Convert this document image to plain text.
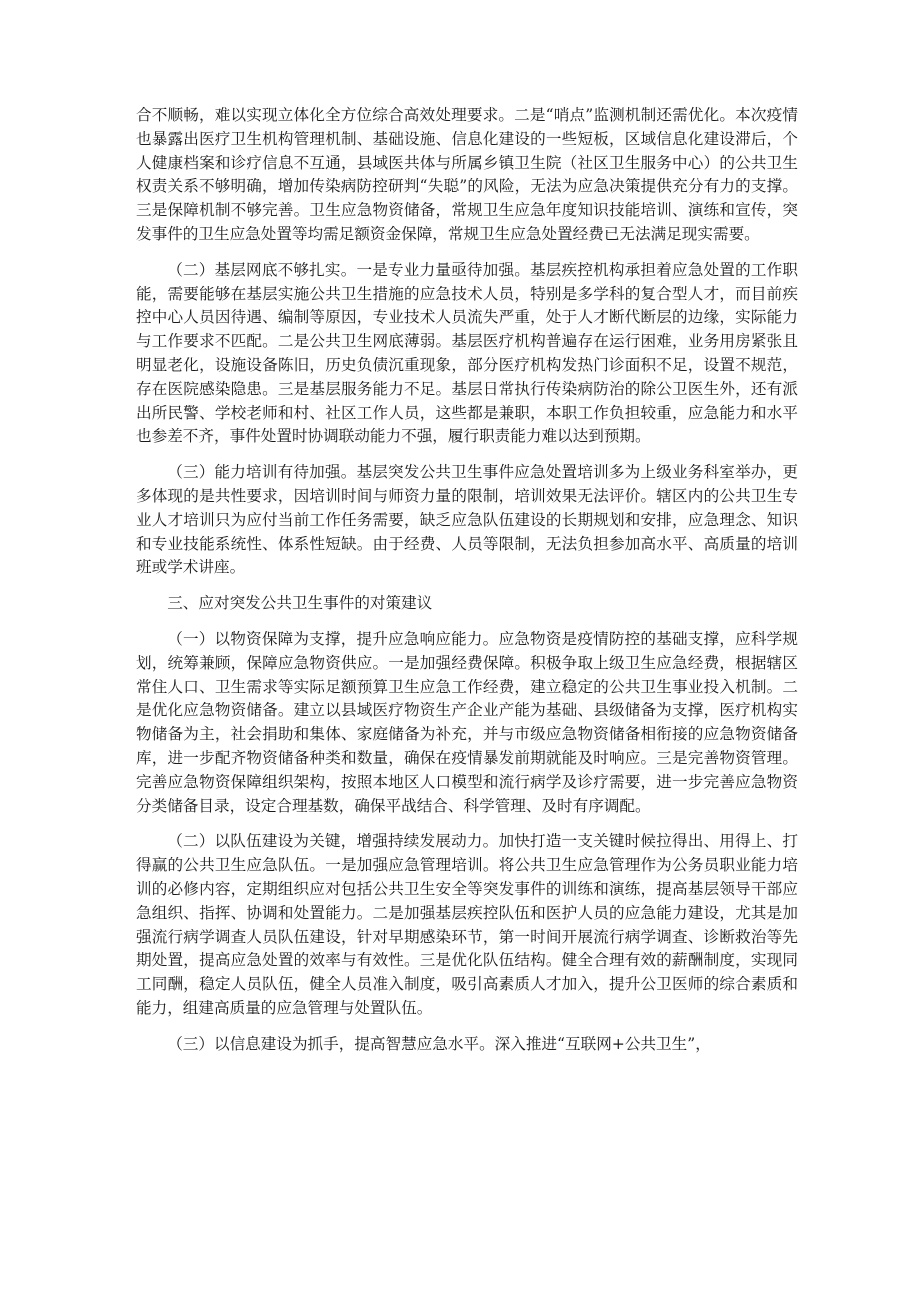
合不顺畅，难以实现立体化全方位综合高效处理要求。二是“哨点”监测机制还需优化。本次疫情也暴露出医疗卫生机构管理机制、基础设施、信息化建设的一些短板，区域信息化建设滞后，个人健康档案和诊疗信息不互通，县域医共体与所属乡镇卫生院（社区卫生服务中心）的公共卫生权责关系不够明确，增加传染病防控研判“失聪”的风险，无法为应急决策提供充分有力的支撑。三是保障机制不够完善。卫生应急物资储备，常规卫生应急年度知识技能培训、演练和宣传，突发事件的卫生应急处置等均需足额资金保障，常规卫生应急处置经费已无法满足现实需要。

（二）基层网底不够扎实。一是专业力量亟待加强。基层疾控机构承担着应急处置的工作职能，需要能够在基层实施公共卫生措施的应急技术人员，特别是多学科的复合型人才，而目前疾控中心人员因待遇、编制等原因，专业技术人员流失严重，处于人才断代断层的边缘，实际能力与工作要求不匹配。二是公共卫生网底薄弱。基层医疗机构普遍存在运行困难，业务用房紧张且明显老化，设施设备陈旧，历史负债沉重现象，部分医疗机构发热门诊面积不足，设置不规范，存在医院感染隐患。三是基层服务能力不足。基层日常执行传染病防治的除公卫医生外，还有派出所民警、学校老师和村、社区工作人员，这些都是兼职，本职工作负担较重，应急能力和水平也参差不齐，事件处置时协调联动能力不强，履行职责能力难以达到预期。

（三）能力培训有待加强。基层突发公共卫生事件应急处置培训多为上级业务科室举办，更多体现的是共性要求，因培训时间与师资力量的限制，培训效果无法评价。辖区内的公共卫生专业人才培训只为应付当前工作任务需要，缺乏应急队伍建设的长期规划和安排，应急理念、知识和专业技能系统性、体系性短缺。由于经费、人员等限制，无法负担参加高水平、高质量的培训班或学术讲座。

三、应对突发公共卫生事件的对策建议

（一）以物资保障为支撑，提升应急响应能力。应急物资是疫情防控的基础支撑，应科学规划，统筹兼顾，保障应急物资供应。一是加强经费保障。积极争取上级卫生应急经费，根据辖区常住人口、卫生需求等实际足额预算卫生应急工作经费，建立稳定的公共卫生事业投入机制。二是优化应急物资储备。建立以县域医疗物资生产企业产能为基础、县级储备为支撑，医疗机构实物储备为主，社会捐助和集体、家庭储备为补充，并与市级应急物资储备相衔接的应急物资储备库，进一步配齐物资储备种类和数量，确保在疫情暴发前期就能及时响应。三是完善物资管理。完善应急物资保障组织架构，按照本地区人口模型和流行病学及诊疗需要，进一步完善应急物资分类储备目录，设定合理基数，确保平战结合、科学管理、及时有序调配。

（二）以队伍建设为关键，增强持续发展动力。加快打造一支关键时候拉得出、用得上、打得赢的公共卫生应急队伍。一是加强应急管理培训。将公共卫生应急管理作为公务员职业能力培训的必修内容，定期组织应对包括公共卫生安全等突发事件的训练和演练，提高基层领导干部应急组织、指挥、协调和处置能力。二是加强基层疾控队伍和医护人员的应急能力建设，尤其是加强流行病学调查人员队伍建设，针对早期感染环节，第一时间开展流行病学调查、诊断救治等先期处置，提高应急处置的效率与有效性。三是优化队伍结构。健全合理有效的薪酬制度，实现同工同酬，稳定人员队伍，健全人员准入制度，吸引高素质人才加入，提升公卫医师的综合素质和能力，组建高质量的应急管理与处置队伍。

（三）以信息建设为抓手，提高智慧应急水平。深入推进“互联网+公共卫生”，
